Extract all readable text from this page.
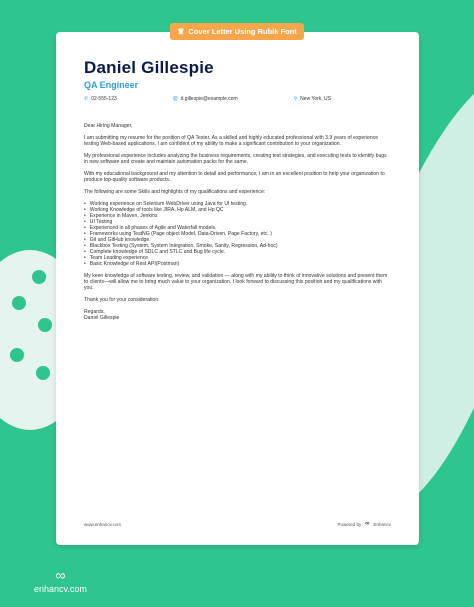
♛ Cover Letter Using Rubik Font
Daniel Gillespie
QA Engineer
✆ 02-555-123	@ d.gillespie@example.com	⚲ New York, US

Dear Hiring Manager,

I am submitting my resume for the position of QA Tester. As a skilled and highly educated professional with 3.9 years of experience testing Web-based applications, I am confident of my ability to make a significant contribution to your organization.

My professional experience includes analyzing the business requirements, creating test strategies, and executing tests to identify bugs in new software and create and maintain automation packs for the same.

With my educational background and my attention to detail and performance, I am in an excellent position to help your organization to produce top-quality software products.

The following are some Skills and highlights of my qualifications and experience:

• Working experience on Selenium WebDriver using Java for UI testing.
• Working Knowledge of tools like JIRA, Hp ALM, and Hp QC
• Experience in Maven, Jenkins
• UI Testing
• Experienced in all phases of Agile and Waterfall models.
• Frameworks using TestNG (Page object Model, Data-Driven, Page Factory, etc. )
• Git and GitHub knowledge.
• Blackbox Testing (System, System Integration, Smoke, Sanity, Regression, Ad-hoc)
• Complete knowledge of SDLC and STLC and Bug life cycle.
• Team Leading experience
• Basic Knowledge of Rest API(Postman)

My keen knowledge of software testing, review, and validation — along with my ability to think of innovative solutions and present them to clients—will allow me to bring much value to your organization. I look forward to discussing this position and my qualifications with you.

Thank you for your consideration.

Regards,
Daniel Gillespie
www.enhancv.com	Powered by ∞ Enhancv
∞
enhancv.com
